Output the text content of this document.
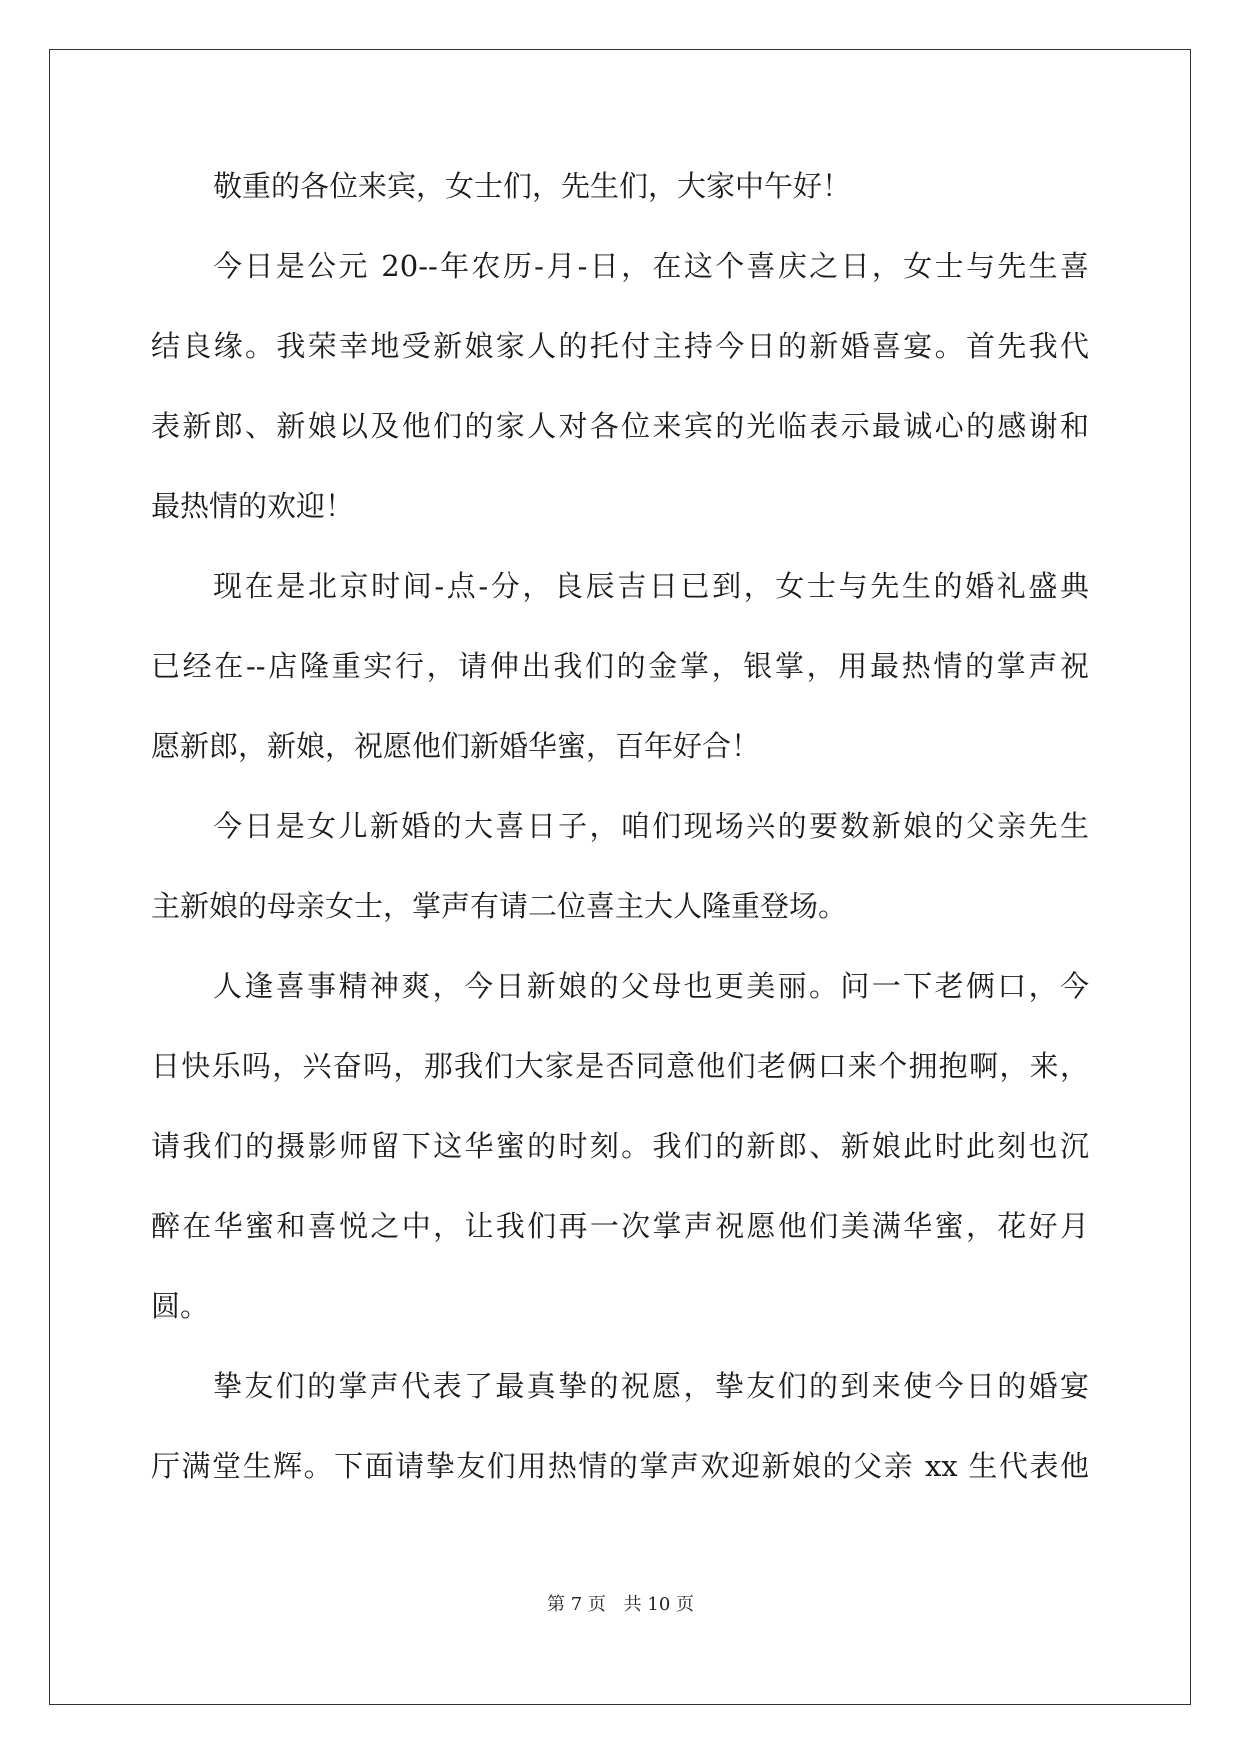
敬重的各位来宾，女士们，先生们，大家中午好！
今日是公元 20--年农历-月-日，在这个喜庆之日，女士与先生喜
结良缘。我荣幸地受新娘家人的托付主持今日的新婚喜宴。首先我代
表新郎、新娘以及他们的家人对各位来宾的光临表示最诚心的感谢和
最热情的欢迎！
现在是北京时间-点-分，良辰吉日已到，女士与先生的婚礼盛典
已经在--店隆重实行，请伸出我们的金掌，银掌，用最热情的掌声祝
愿新郎，新娘，祝愿他们新婚华蜜，百年好合！
今日是女儿新婚的大喜日子，咱们现场兴的要数新娘的父亲先生
主新娘的母亲女士，掌声有请二位喜主大人隆重登场。
人逢喜事精神爽，今日新娘的父母也更美丽。问一下老俩口，今
日快乐吗，兴奋吗，那我们大家是否同意他们老俩口来个拥抱啊，来，
请我们的摄影师留下这华蜜的时刻。我们的新郎、新娘此时此刻也沉
醉在华蜜和喜悦之中，让我们再一次掌声祝愿他们美满华蜜，花好月
圆。
挚友们的掌声代表了最真挚的祝愿，挚友们的到来使今日的婚宴
厅满堂生辉。下面请挚友们用热情的掌声欢迎新娘的父亲 xx 生代表他
第 7 页 共 10 页
